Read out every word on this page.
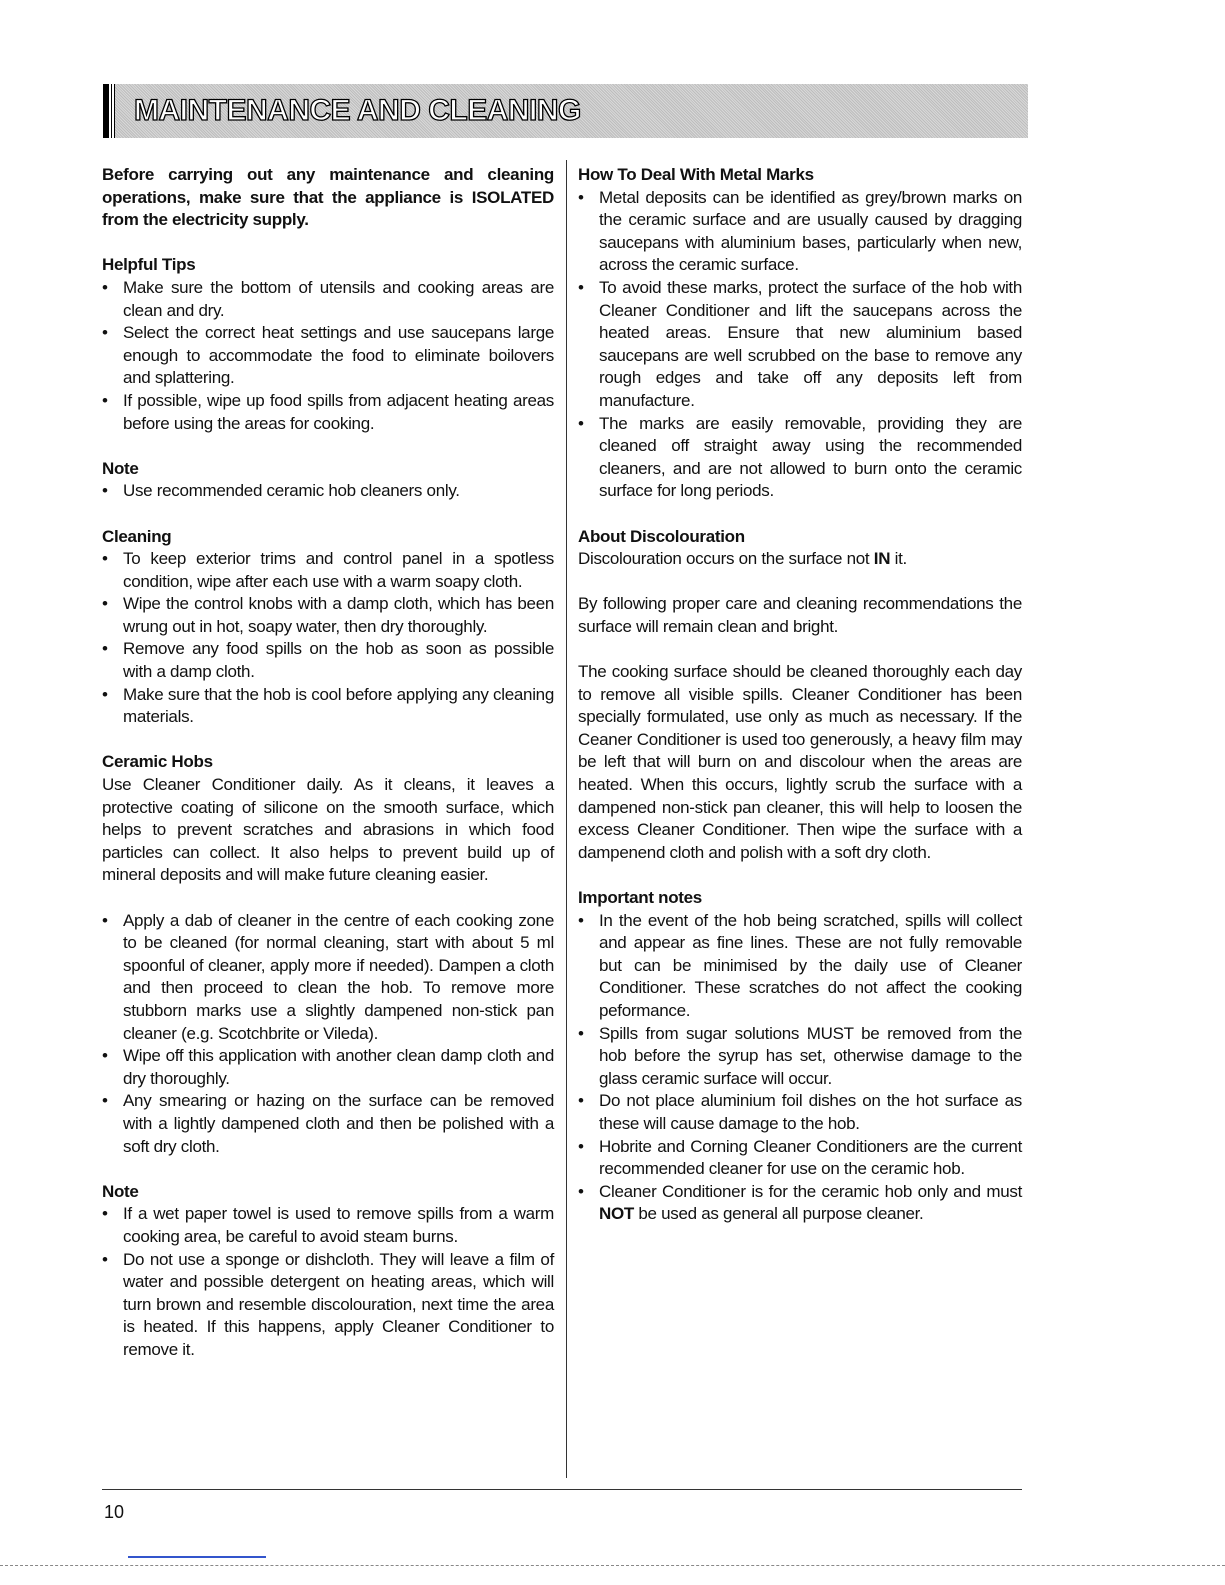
MAINTENANCE AND CLEANING

Before carrying out any maintenance and cleaning operations, make sure that the appliance is ISOLATED from the electricity supply.

Helpful Tips
• Make sure the bottom of utensils and cooking areas are clean and dry.
• Select the correct heat settings and use saucepans large enough to accommodate the food to eliminate boilovers and splattering.
• If possible, wipe up food spills from adjacent heating areas before using the areas for cooking.
Note
• Use recommended ceramic hob cleaners only.
Cleaning
• To keep exterior trims and control panel in a spotless condition, wipe after each use with a warm soapy cloth.
• Wipe the control knobs with a damp cloth, which has been wrung out in hot, soapy water, then dry thoroughly.
• Remove any food spills on the hob as soon as possible with a damp cloth.
• Make sure that the hob is cool before applying any cleaning materials.
Ceramic Hobs

Use Cleaner Conditioner daily. As it cleans, it leaves a protective coating of silicone on the smooth surface, which helps to prevent scratches and abrasions in which food particles can collect. It also helps to prevent build up of mineral deposits and will make future cleaning easier.

• Apply a dab of cleaner in the centre of each cooking zone to be cleaned (for normal cleaning, start with about 5 ml spoonful of cleaner, apply more if needed). Dampen a cloth and then proceed to clean the hob. To remove more stubborn marks use a slightly dampened non-stick pan cleaner (e.g. Scotchbrite or Vileda).
• Wipe off this application with another clean damp cloth and dry thoroughly.
• Any smearing or hazing on the surface can be removed with a lightly dampened cloth and then be polished with a soft dry cloth.
Note
• If a wet paper towel is used to remove spills from a warm cooking area, be careful to avoid steam burns.
• Do not use a sponge or dishcloth. They will leave a film of water and possible detergent on heating areas, which will turn brown and resemble discolouration, next time the area is heated. If this happens, apply Cleaner Conditioner to remove it.
How To Deal With Metal Marks
• Metal deposits can be identified as grey/brown marks on the ceramic surface and are usually caused by dragging saucepans with aluminium bases, particularly when new, across the ceramic surface.
• To avoid these marks, protect the surface of the hob with Cleaner Conditioner and lift the saucepans across the heated areas. Ensure that new aluminium based saucepans are well scrubbed on the base to remove any rough edges and take off any deposits left from manufacture.
• The marks are easily removable, providing they are cleaned off straight away using the recommended cleaners, and are not allowed to burn onto the ceramic surface for long periods.
About Discolouration

Discolouration occurs on the surface not IN it.

By following proper care and cleaning recommendations the surface will remain clean and bright.

The cooking surface should be cleaned thoroughly each day to remove all visible spills. Cleaner Conditioner has been specially formulated, use only as much as necessary. If the Ceaner Conditioner is used too generously, a heavy film may be left that will burn on and discolour when the areas are heated. When this occurs, lightly scrub the surface with a dampened non-stick pan cleaner, this will help to loosen the excess Cleaner Conditioner. Then wipe the surface with a dampenend cloth and polish with a soft dry cloth.

Important notes
• In the event of the hob being scratched, spills will collect and appear as fine lines. These are not fully removable but can be minimised by the daily use of Cleaner Conditioner. These scratches do not affect the cooking peformance.
• Spills from sugar solutions MUST be removed from the hob before the syrup has set, otherwise damage to the glass ceramic surface will occur.
• Do not place aluminium foil dishes on the hot surface as these will cause damage to the hob.
• Hobrite and Corning Cleaner Conditioners are the current recommended cleaner for use on the ceramic hob.
• Cleaner Conditioner is for the ceramic hob only and must NOT be used as general all purpose cleaner.
10
